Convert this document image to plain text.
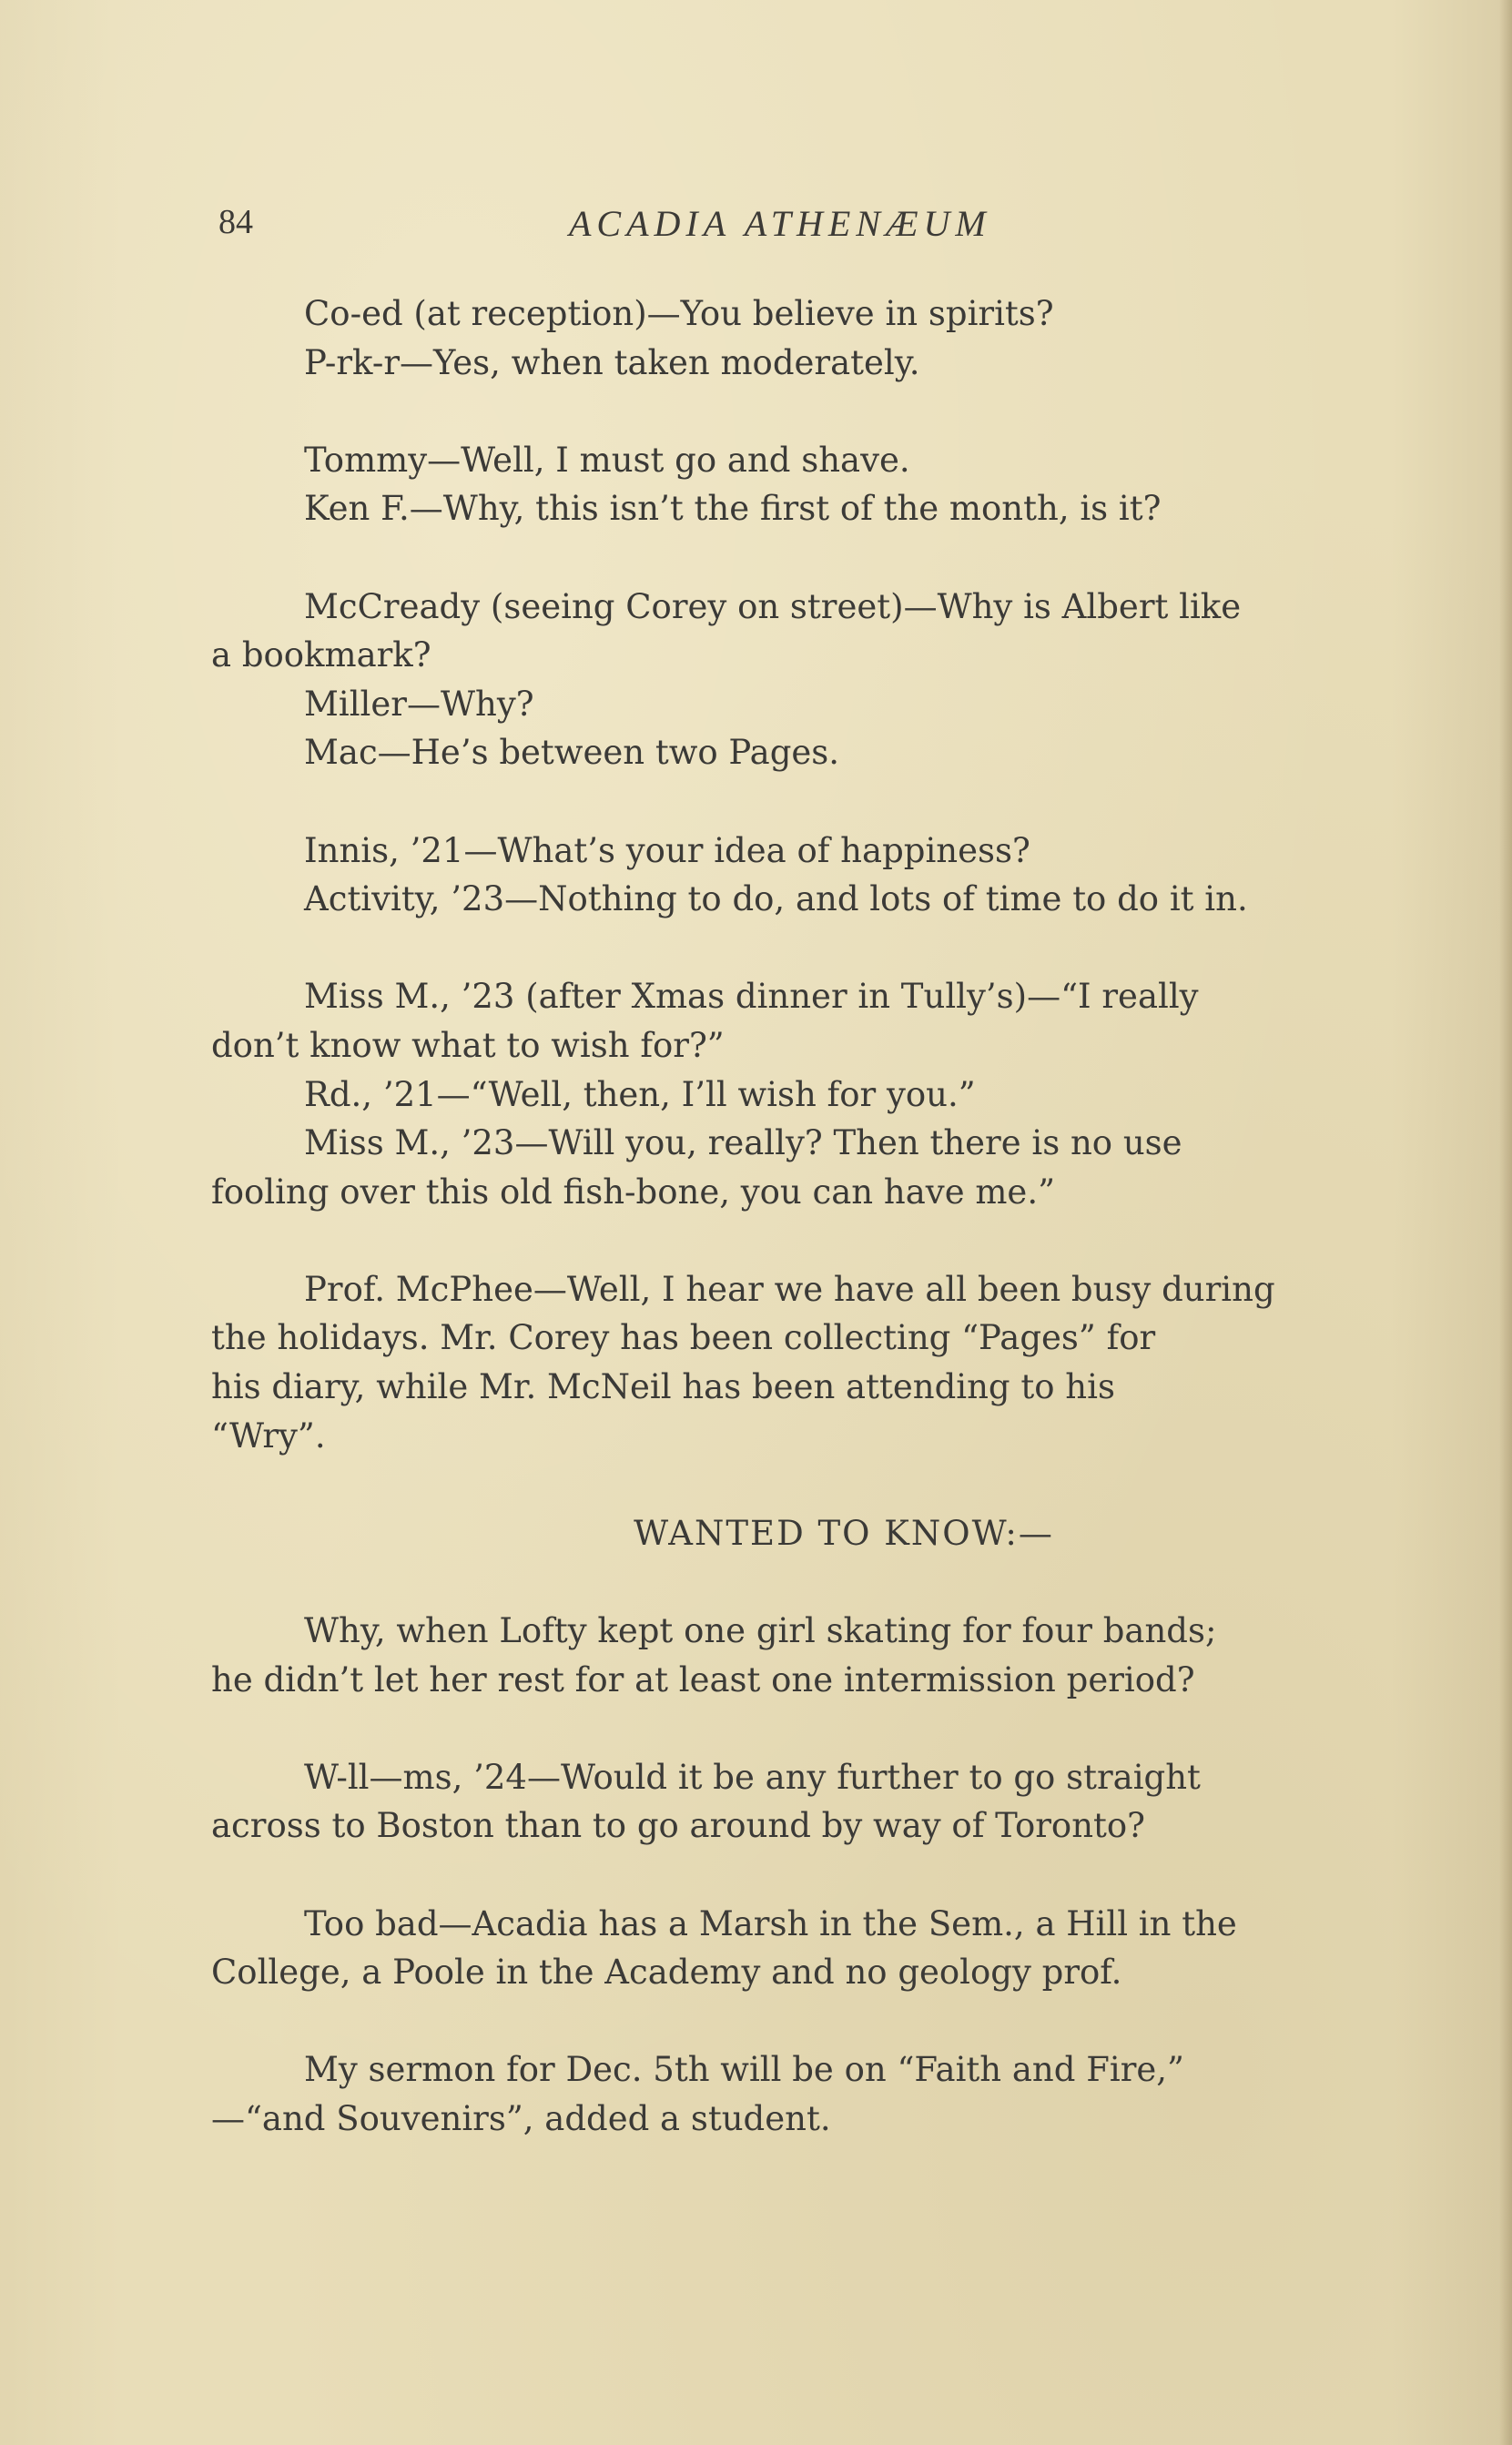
84	ACADIA ATHENÆUM
Co-ed (at reception)—You believe in spirits?
P-rk-r—Yes, when taken moderately.
Tommy—Well, I must go and shave.
Ken F.—Why, this isn’t the first of the month, is it?
McCready (seeing Corey on street)—Why is Albert like
a bookmark?
Miller—Why?
Mac—He’s between two Pages.
Innis, ’21—What’s your idea of happiness?
Activity, ’23—Nothing to do, and lots of time to do it in.
Miss M., ’23 (after Xmas dinner in Tully’s)—“I really
don’t know what to wish for?”
Rd., ’21—“Well, then, I’ll wish for you.”
Miss M., ’23—Will you, really? Then there is no use
fooling over this old fish-bone, you can have me.”
Prof. McPhee—Well, I hear we have all been busy during
the holidays. Mr. Corey has been collecting “Pages” for
his diary, while Mr. McNeil has been attending to his
“Wry”.
WANTED TO KNOW:—
Why, when Lofty kept one girl skating for four bands;
he didn’t let her rest for at least one intermission period?
W-ll—ms, ’24—Would it be any further to go straight
across to Boston than to go around by way of Toronto?
Too bad—Acadia has a Marsh in the Sem., a Hill in the
College, a Poole in the Academy and no geology prof.
My sermon for Dec. 5th will be on “Faith and Fire,”
—“and Souvenirs”, added a student.
